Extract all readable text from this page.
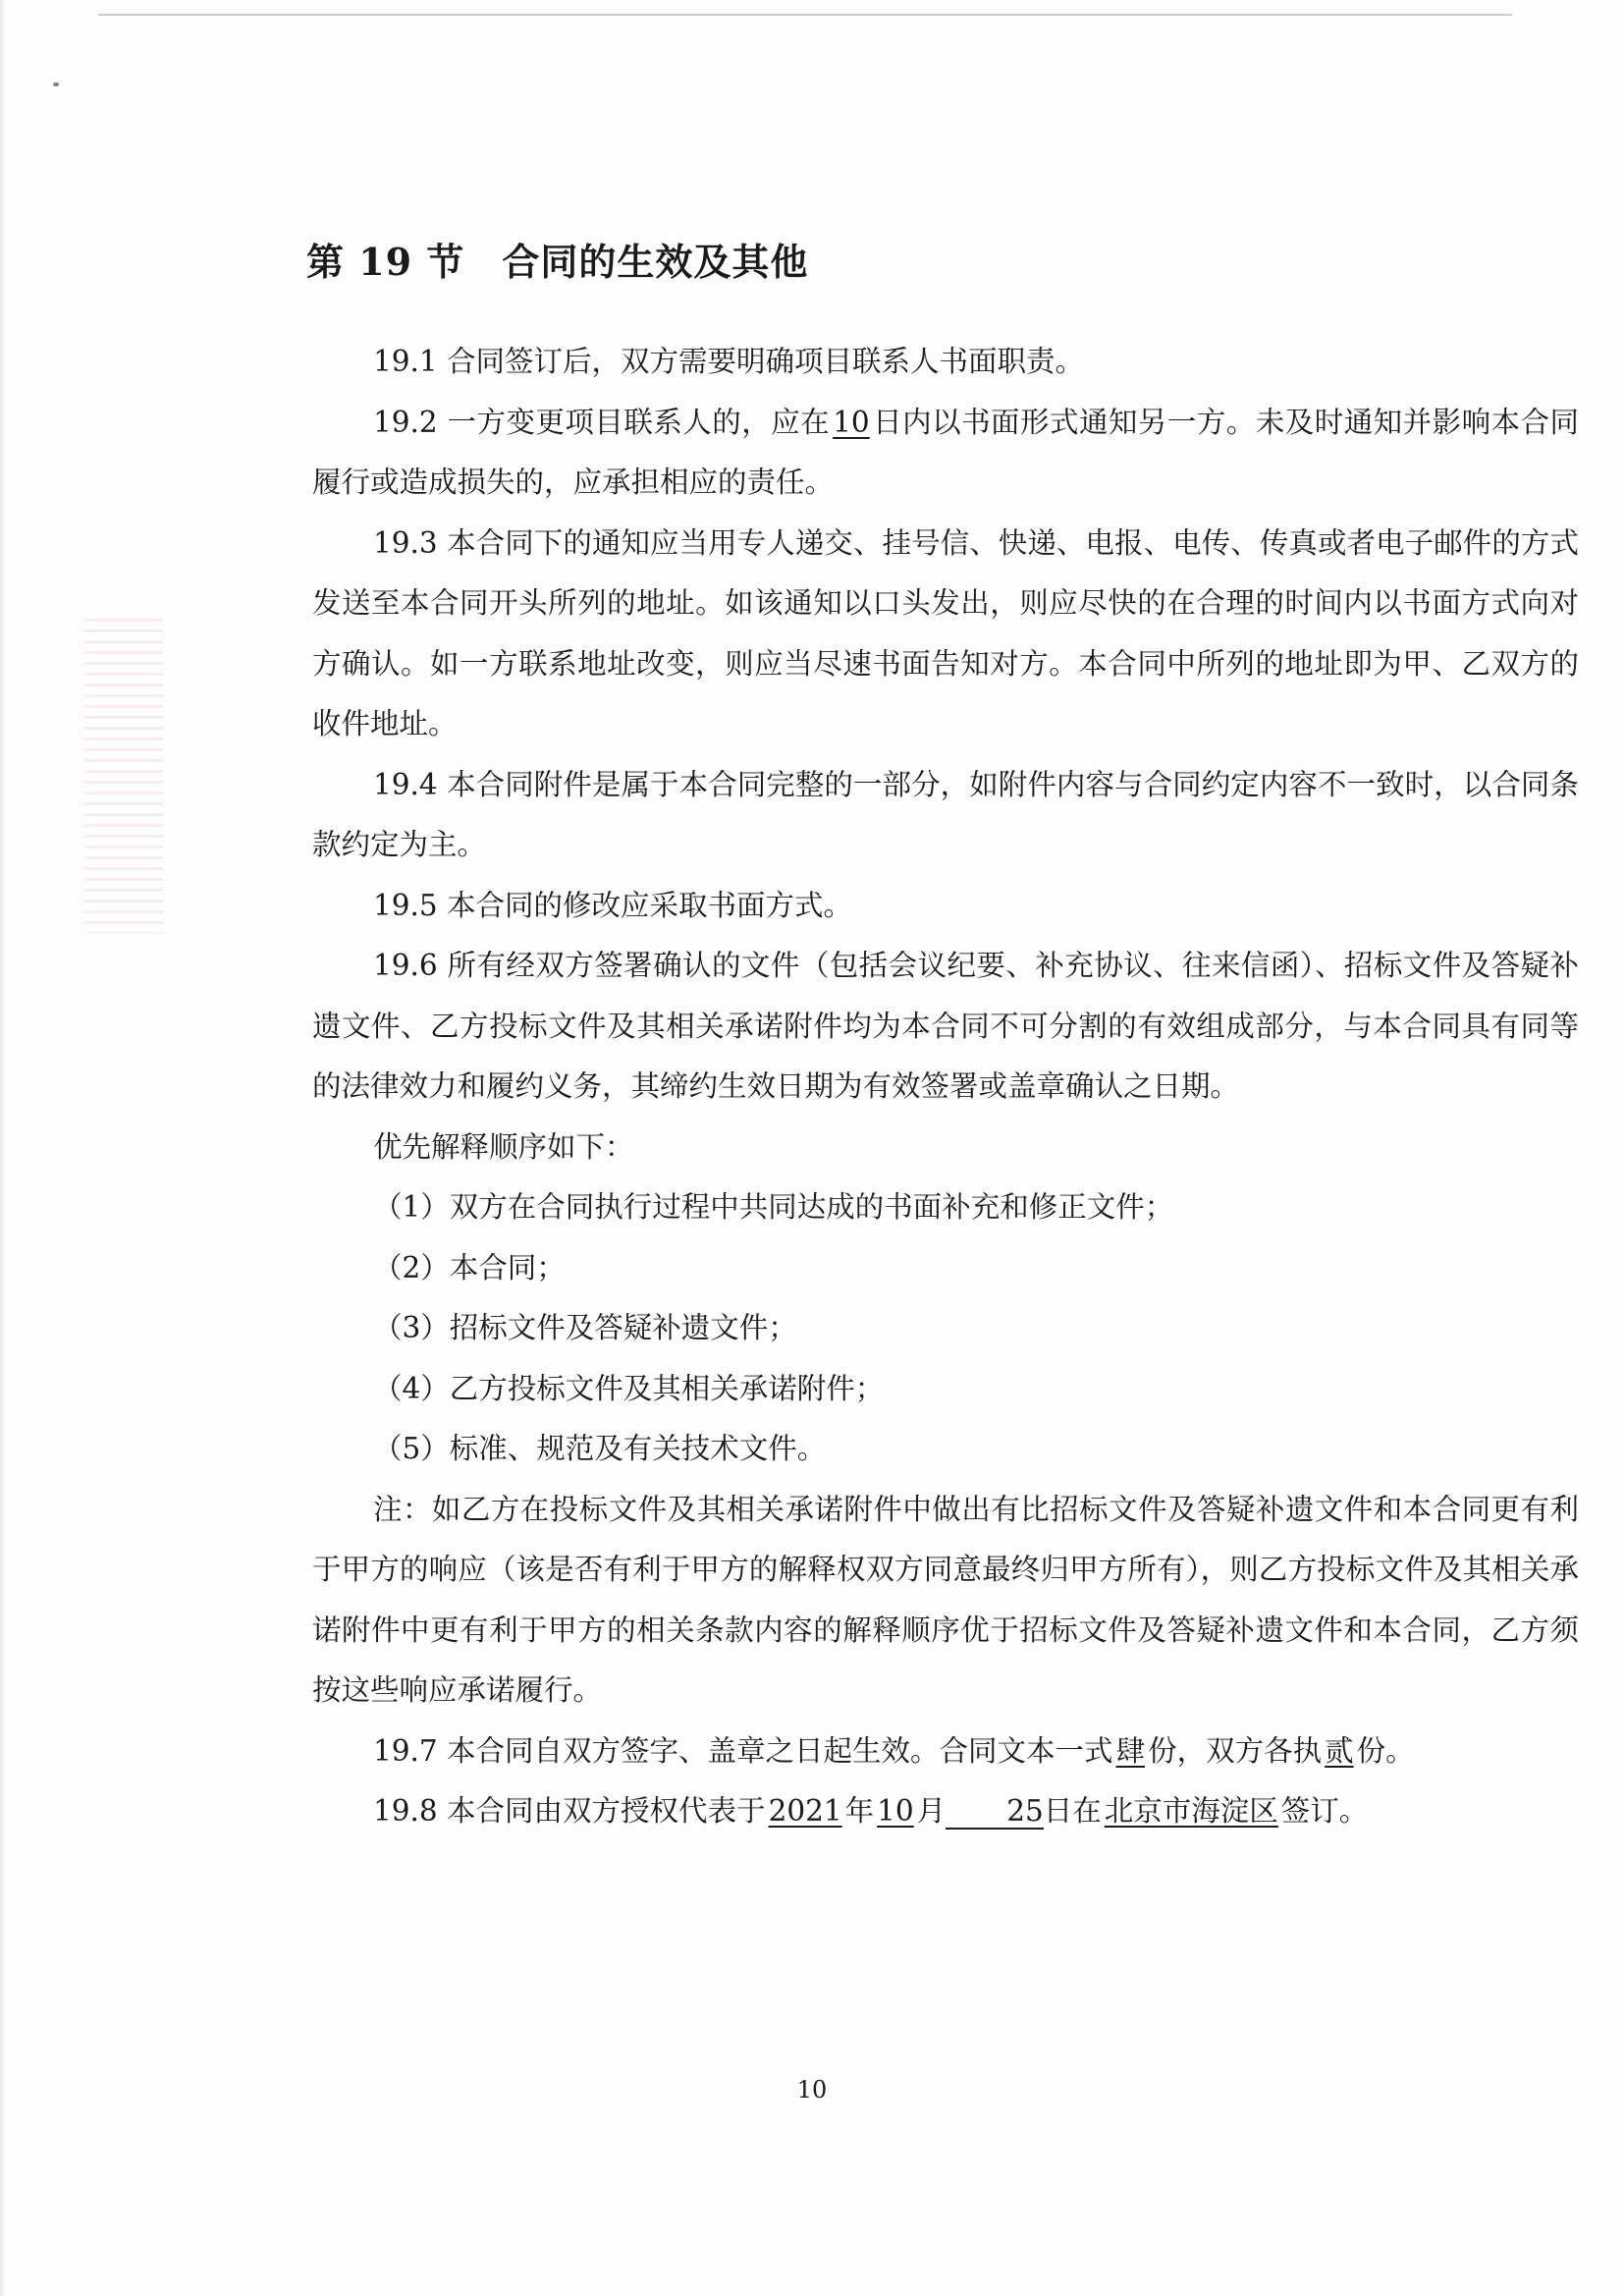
第 19 节 合同的生效及其他

19.1 合同签订后，双方需要明确项目联系人书面职责。

19.2 一方变更项目联系人的，应在 10 日内以书面形式通知另一方。未及时通知并影响本合同履行或造成损失的，应承担相应的责任。

19.3 本合同下的通知应当用专人递交、挂号信、快递、电报、电传、传真或者电子邮件的方式发送至本合同开头所列的地址。如该通知以口头发出，则应尽快的在合理的时间内以书面方式向对方确认。如一方联系地址改变，则应当尽速书面告知对方。本合同中所列的地址即为甲、乙双方的收件地址。

19.4 本合同附件是属于本合同完整的一部分，如附件内容与合同约定内容不一致时，以合同条款约定为主。

19.5 本合同的修改应采取书面方式。

19.6 所有经双方签署确认的文件（包括会议纪要、补充协议、往来信函）、招标文件及答疑补遗文件、乙方投标文件及其相关承诺附件均为本合同不可分割的有效组成部分，与本合同具有同等的法律效力和履约义务，其缔约生效日期为有效签署或盖章确认之日期。

优先解释顺序如下：

（1）双方在合同执行过程中共同达成的书面补充和修正文件；

（2）本合同；

（3）招标文件及答疑补遗文件；

（4）乙方投标文件及其相关承诺附件；

（5）标准、规范及有关技术文件。

注：如乙方在投标文件及其相关承诺附件中做出有比招标文件及答疑补遗文件和本合同更有利于甲方的响应（该是否有利于甲方的解释权双方同意最终归甲方所有），则乙方投标文件及其相关承诺附件中更有利于甲方的相关条款内容的解释顺序优于招标文件及答疑补遗文件和本合同，乙方须按这些响应承诺履行。

19.7 本合同自双方签字、盖章之日起生效。合同文本一式 肆 份，双方各执 贰 份。

19.8 本合同由双方授权代表于 2021 年 10 月 25日在 北京市海淀区 签订。

10
